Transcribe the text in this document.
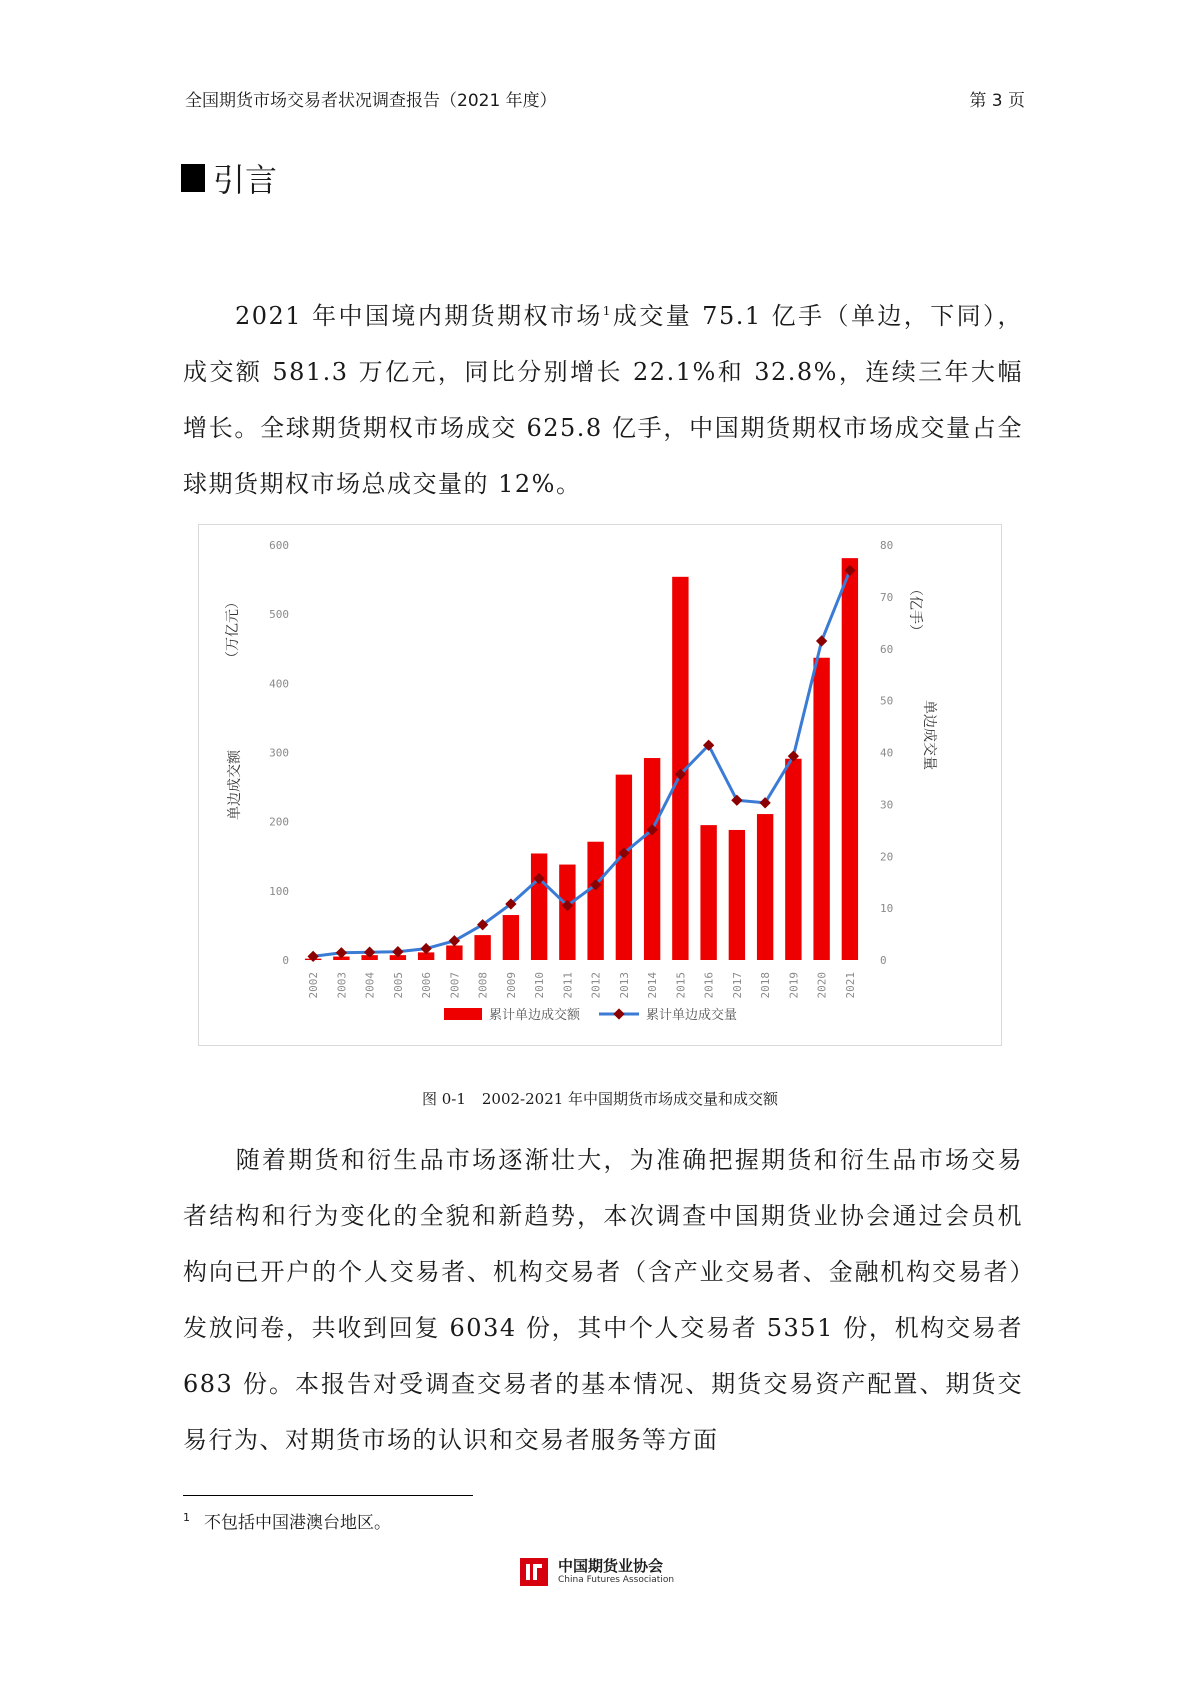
全国期货市场交易者状况调查报告（2021 年度）	第 3 页
引言

2021 年中国境内期货期权市场$^1$成交量 75.1 亿手（单边，下同），成交额 581.3 万亿元，同比分别增长 22.1%和 32.8%，连续三年大幅增长。全球期货期权市场成交 625.8 亿手，中国期货期权市场成交量占全球期货期权市场总成交量的 12%。

0
100
200
300
400
500
600
0
10
20
30
40
50
60
70
80
（万亿元）
单边成交额
（亿手）
单边成交量
2002 2003 2004 2005 2006 2007 2008 2009 2010 2011 2012 2013 2014 2015 2016 2017 2018 2019 2020 2021
累计单边成交额	累计单边成交量
图 0-1 2002-2021 年中国期货市场成交量和成交额

随着期货和衍生品市场逐渐壮大，为准确把握期货和衍生品市场交易者结构和行为变化的全貌和新趋势，本次调查中国期货业协会通过会员机构向已开户的个人交易者、机构交易者（含产业交易者、金融机构交易者）发放问卷，共收到回复 6034 份，其中个人交易者 5351 份，机构交易者 683 份。本报告对受调查交易者的基本情况、期货交易资产配置、期货交易行为、对期货市场的认识和交易者服务等方面

$^1$ 不包括中国港澳台地区。
中国期货业协会
China Futures Association
